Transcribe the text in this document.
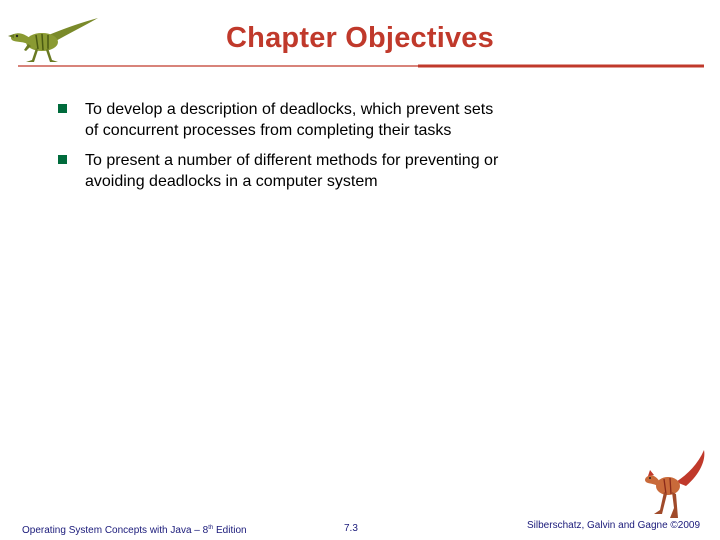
Chapter Objectives
To develop a description of deadlocks, which prevent sets
of concurrent processes from completing their tasks
To present a number of different methods for preventing or
avoiding deadlocks in a computer system
Operating System Concepts with Java – 8th Edition	7.3	Silberschatz, Galvin and Gagne ©2009
